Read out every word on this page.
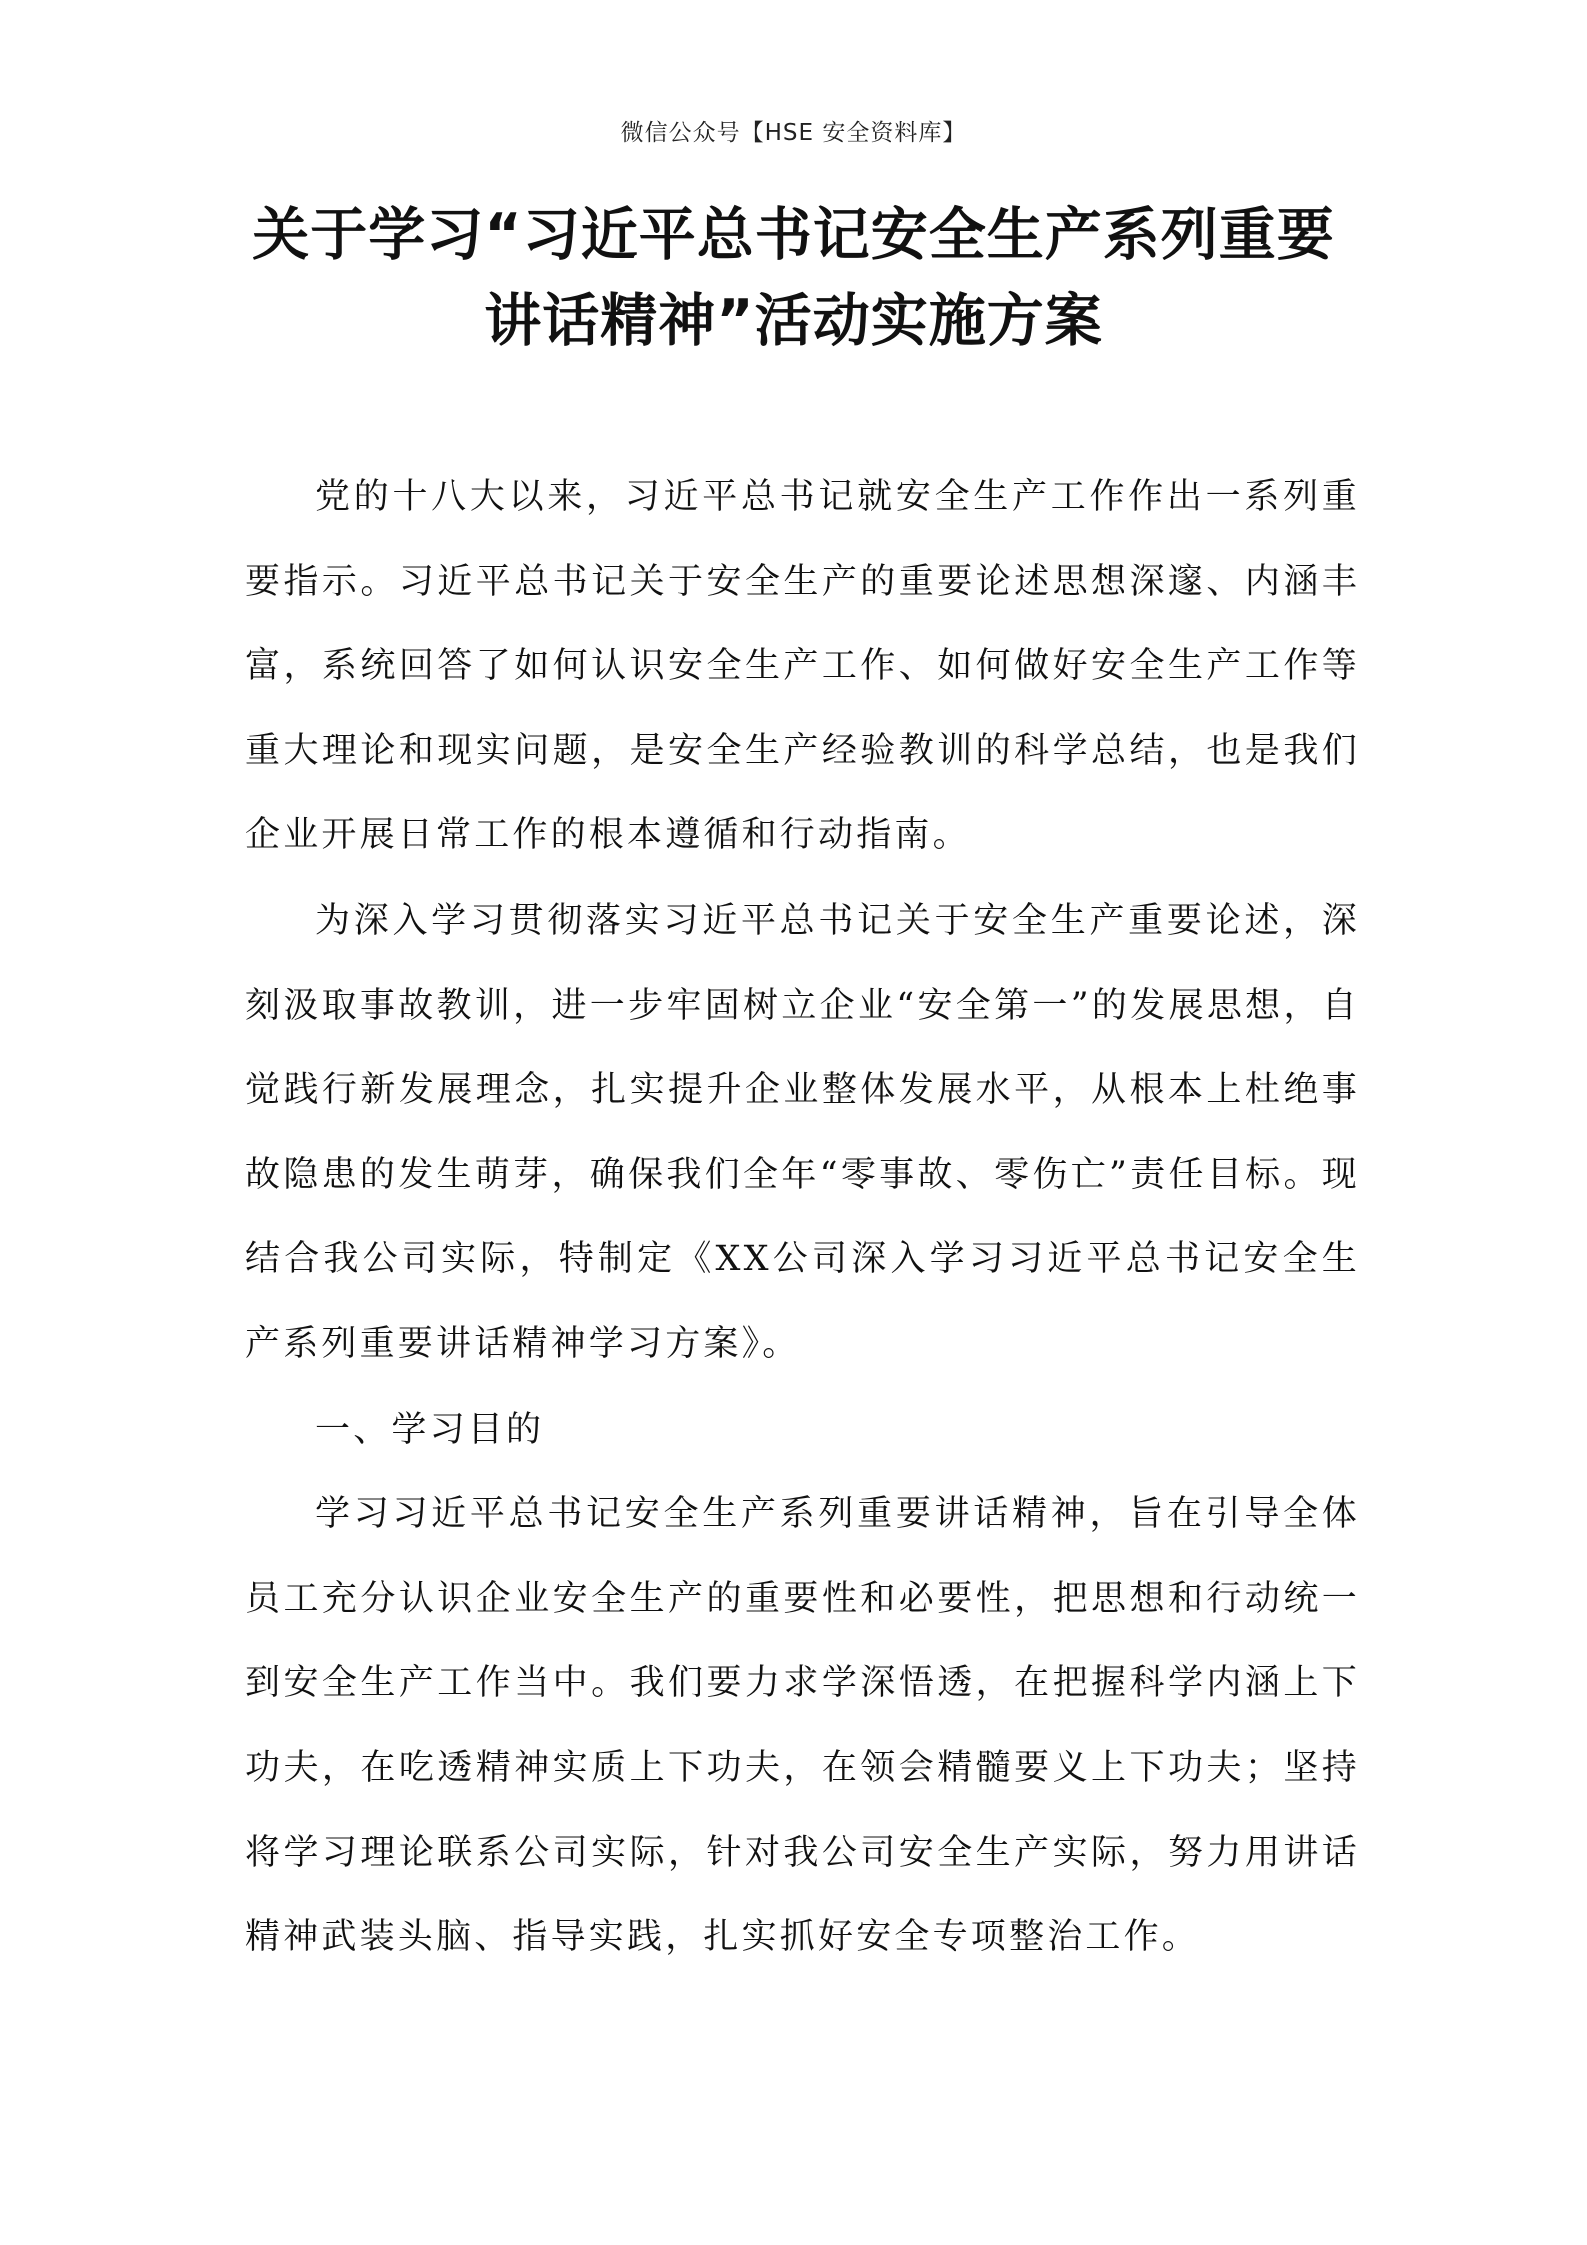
微信公众号【HSE 安全资料库】
关于学习“习近平总书记安全生产系列重要
讲话精神”活动实施方案

党的十八大以来，习近平总书记就安全生产工作作出一系列重要指示。习近平总书记关于安全生产的重要论述思想深邃、内涵丰富，系统回答了如何认识安全生产工作、如何做好安全生产工作等重大理论和现实问题，是安全生产经验教训的科学总结，也是我们企业开展日常工作的根本遵循和行动指南。

为深入学习贯彻落实习近平总书记关于安全生产重要论述，深刻汲取事故教训，进一步牢固树立企业“安全第一”的发展思想，自觉践行新发展理念，扎实提升企业整体发展水平，从根本上杜绝事故隐患的发生萌芽，确保我们全年“零事故、零伤亡”责任目标。现结合我公司实际，特制定《XX公司深入学习习近平总书记安全生产系列重要讲话精神学习方案》。

一、学习目的

学习习近平总书记安全生产系列重要讲话精神，旨在引导全体员工充分认识企业安全生产的重要性和必要性，把思想和行动统一到安全生产工作当中。我们要力求学深悟透，在把握科学内涵上下功夫，在吃透精神实质上下功夫，在领会精髓要义上下功夫；坚持将学习理论联系公司实际，针对我公司安全生产实际，努力用讲话精神武装头脑、指导实践，扎实抓好安全专项整治工作。
